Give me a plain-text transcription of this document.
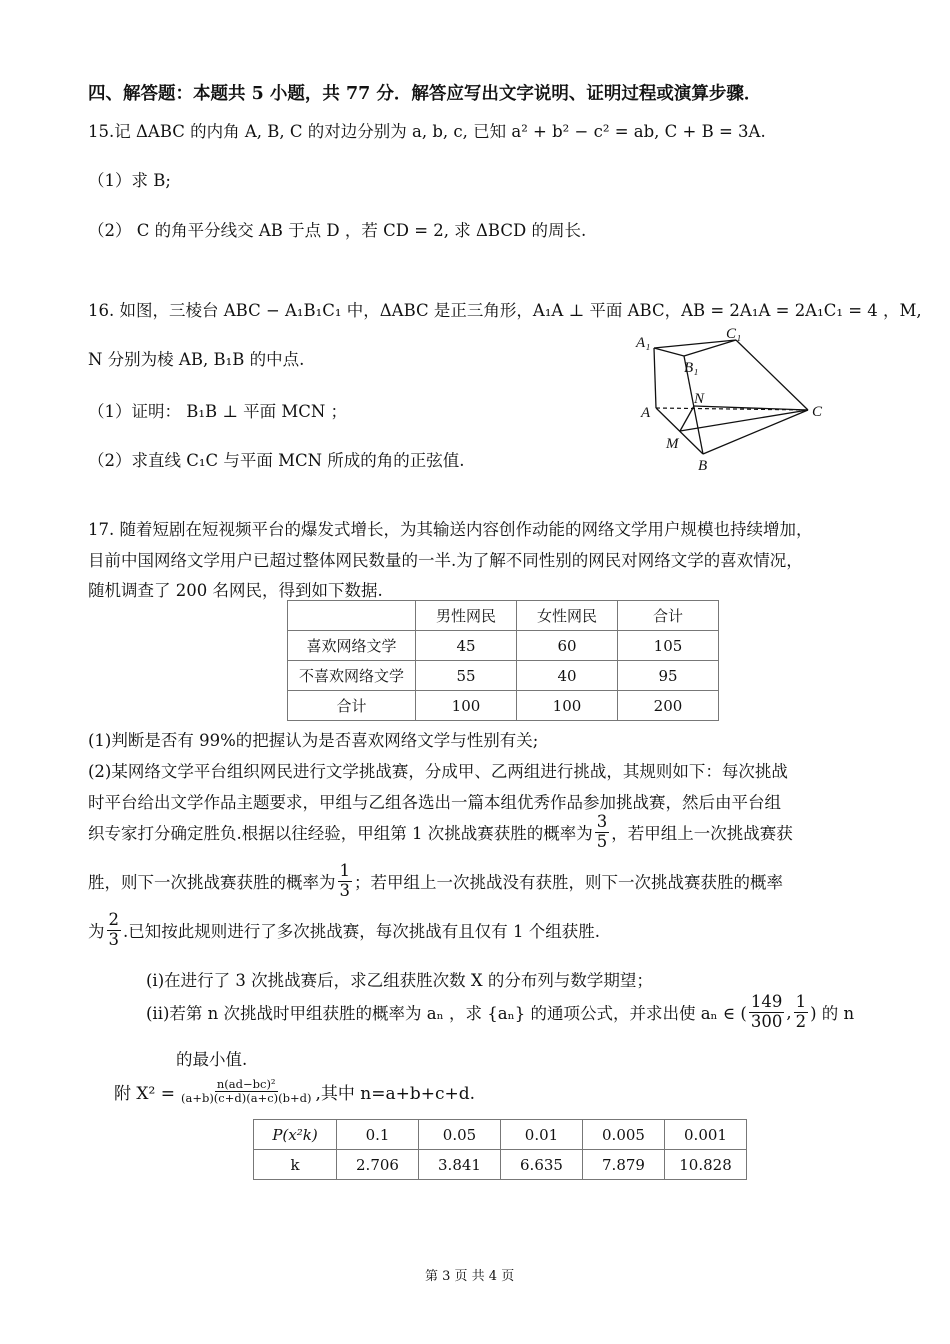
四、解答题：本题共 5 小题，共 77 分．解答应写出文字说明、证明过程或演算步骤．
15.记 ΔABC 的内角 A, B, C 的对边分别为 a, b, c, 已知 a² + b² − c² = ab, C + B = 3A.
（1）求 B;
（2） C 的角平分线交 AB 于点 D ，若 CD = 2, 求 ΔBCD 的周长.
16. 如图，三棱台 ABC − A₁B₁C₁ 中，ΔABC 是正三角形，A₁A ⊥ 平面 ABC，AB = 2A₁A = 2A₁C₁ = 4 ，M,
N 分别为棱 AB, B₁B 的中点.
（1）证明： B₁B ⊥ 平面 MCN ；
（2）求直线 C₁C 与平面 MCN 所成的角的正弦值.
A₁
C₁
B₁
A
N
C
M
B
17. 随着短剧在短视频平台的爆发式增长，为其输送内容创作动能的网络文学用户规模也持续增加，
目前中国网络文学用户已超过整体网民数量的一半.为了解不同性别的网民对网络文学的喜欢情况，
随机调查了 200 名网民，得到如下数据.
	男性网民	女性网民	合计
喜欢网络文学	45	60	105
不喜欢网络文学	55	40	95
合计	100	100	200
(1)判断是否有 99%的把握认为是否喜欢网络文学与性别有关;
(2)某网络文学平台组织网民进行文学挑战赛，分成甲、乙两组进行挑战，其规则如下：每次挑战
时平台给出文学作品主题要求，甲组与乙组各选出一篇本组优秀作品参加挑战赛，然后由平台组
织专家打分确定胜负.根据以往经验，甲组第 1 次挑战赛获胜的概率为 $\frac{3}{5}$ ，若甲组上一次挑战赛获
胜，则下一次挑战赛获胜的概率为 $\frac{1}{3}$ ；若甲组上一次挑战没有获胜，则下一次挑战赛获胜的概率
为 $\frac{2}{3}$ .已知按此规则进行了多次挑战赛，每次挑战有且仅有 1 个组获胜.
(i)在进行了 3 次挑战赛后，求乙组获胜次数 X 的分布列与数学期望；
(ii)若第 n 次挑战时甲组获胜的概率为 aₙ ，求 {aₙ} 的通项公式，并求出使 aₙ ∈ ( $\frac{149}{300}$ , $\frac{1}{2}$ ) 的 n
的最小值.
附 $X^2 = \frac{\text{n(ad−bc)²}}{(a+b)(c+d)(a+c)(b+d)}$ ,其中 n=a+b+c+d.
P(x²k)	0.1	0.05	0.01	0.005	0.001
k	2.706	3.841	6.635	7.879	10.828
第 3 页 共 4 页
